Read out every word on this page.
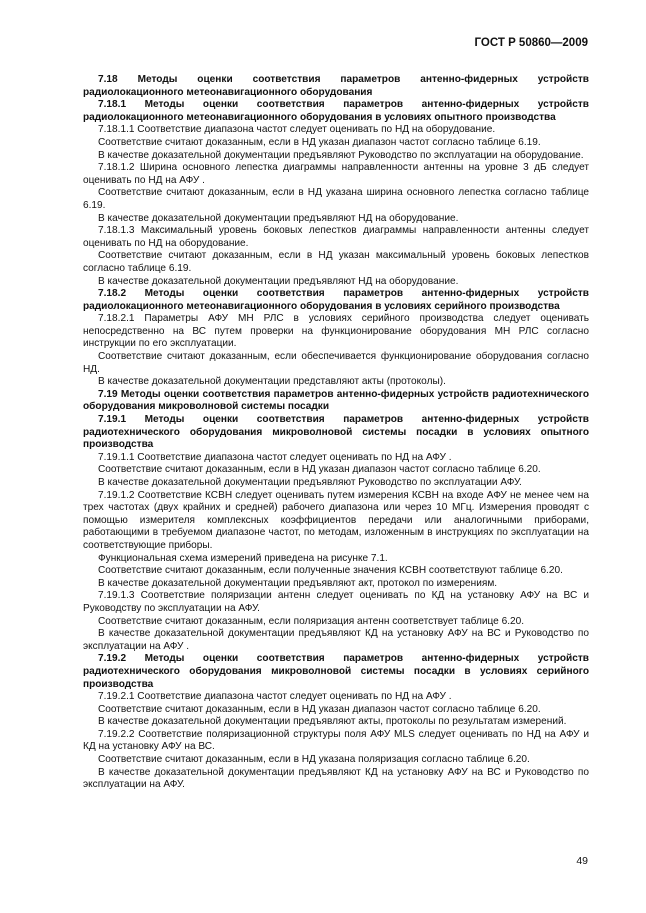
ГОСТ Р 50860—2009

7.18 Методы оценки соответствия параметров антенно-фидерных устройств радиолокационного метеонавигационного оборудования

7.18.1 Методы оценки соответствия параметров антенно-фидерных устройств радиолокационного метеонавигационного оборудования в условиях опытного производства

7.18.1.1 Соответствие диапазона частот следует оценивать по НД на оборудование.

Соответствие считают доказанным, если в НД указан диапазон частот согласно таблице 6.19.

В качестве доказательной документации предъявляют Руководство по эксплуатации на оборудование.

7.18.1.2 Ширина основного лепестка диаграммы направленности антенны на уровне 3 дБ следует оценивать по НД на АФУ .

Соответствие считают доказанным, если в НД указана ширина основного лепестка согласно таблице 6.19.

В качестве доказательной документации предъявляют НД на оборудование.

7.18.1.3 Максимальный уровень боковых лепестков диаграммы направленности антенны следует оценивать по НД на оборудование.

Соответствие считают доказанным, если в НД указан максимальный уровень боковых лепестков согласно таблице 6.19.

В качестве доказательной документации предъявляют НД на оборудование.

7.18.2 Методы оценки соответствия параметров антенно-фидерных устройств радиолокационного метеонавигационного оборудования в условиях серийного производства

7.18.2.1 Параметры АФУ МН РЛС в условиях серийного производства следует оценивать непосредственно на ВС путем проверки на функционирование оборудования МН РЛС согласно инструкции по его эксплуатации.

Соответствие считают доказанным, если обеспечивается функционирование оборудования согласно НД.

В качестве доказательной документации представляют акты (протоколы).

7.19 Методы оценки соответствия параметров антенно-фидерных устройств радиотехнического оборудования микроволновой системы посадки

7.19.1 Методы оценки соответствия параметров антенно-фидерных устройств радиотехнического оборудования микроволновой системы посадки в условиях опытного производства

7.19.1.1 Соответствие диапазона частот следует оценивать по НД на АФУ .

Соответствие считают доказанным, если в НД указан диапазон частот согласно таблице 6.20.

В качестве доказательной документации предъявляют Руководство по эксплуатации АФУ.

7.19.1.2 Соответствие КСВН следует оценивать путем измерения КСВН на входе АФУ не менее чем на трех частотах (двух крайних и средней) рабочего диапазона или через 10 МГц. Измерения проводят с помощью измерителя комплексных коэффициентов передачи или аналогичными приборами, работающими в требуемом диапазоне частот, по методам, изложенным в инструкциях по эксплуатации на соответствующие приборы.

Функциональная схема измерений приведена на рисунке 7.1.

Соответствие считают доказанным, если полученные значения КСВН соответствуют таблице 6.20.

В качестве доказательной документации предъявляют акт, протокол по измерениям.

7.19.1.3 Соответствие поляризации антенн следует оценивать по КД на установку АФУ на ВС и Руководству по эксплуатации на АФУ.

Соответствие считают доказанным, если поляризация антенн соответствует таблице 6.20.

В качестве доказательной документации предъявляют КД на установку АФУ на ВС и Руководство по эксплуатации на АФУ .

7.19.2 Методы оценки соответствия параметров антенно-фидерных устройств радиотехнического оборудования микроволновой системы посадки в условиях серийного производства

7.19.2.1 Соответствие диапазона частот следует оценивать по НД на АФУ .

Соответствие считают доказанным, если в НД указан диапазон частот согласно таблице 6.20.

В качестве доказательной документации предъявляют акты, протоколы по результатам измерений.

7.19.2.2 Соответствие поляризационной структуры поля АФУ MLS следует оценивать по НД на АФУ и КД на установку АФУ на ВС.

Соответствие считают доказанным, если в НД указана поляризация согласно таблице 6.20.

В качестве доказательной документации предъявляют КД на установку АФУ на ВС и Руководство по эксплуатации на АФУ.

49
